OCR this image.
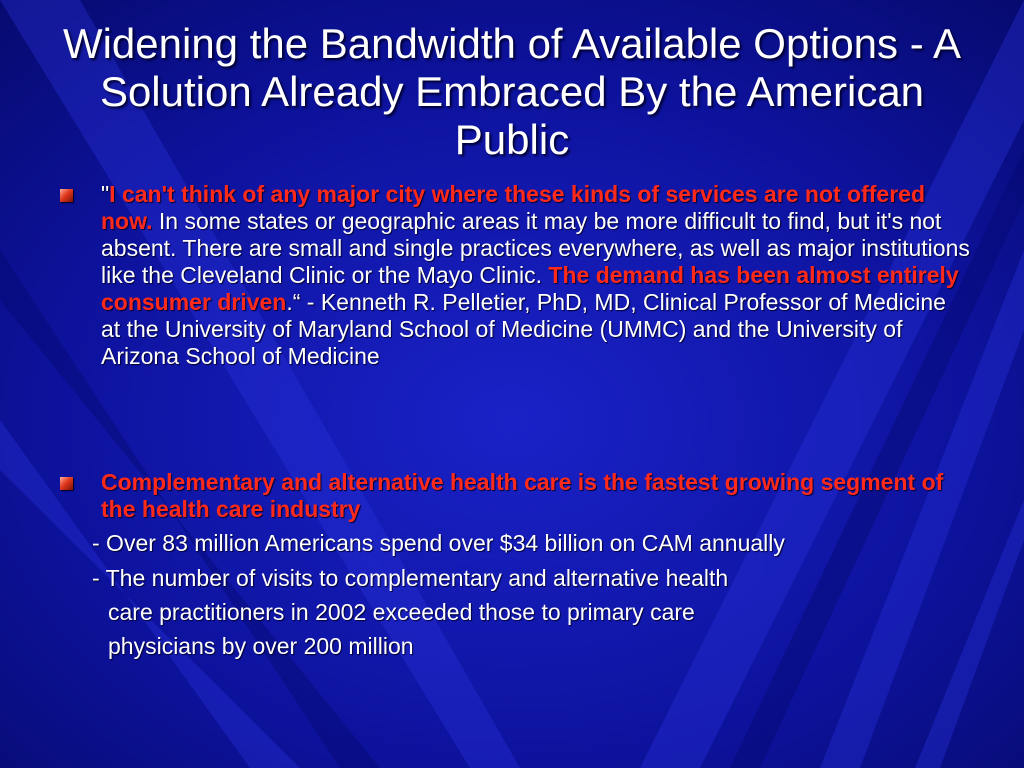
Widening the Bandwidth of Available Options - A Solution Already Embraced By the American Public
"I can't think of any major city where these kinds of services are not offered now. In some states or geographic areas it may be more difficult to find, but it's not absent. There are small and single practices everywhere, as well as major institutions like the Cleveland Clinic or the Mayo Clinic. The demand has been almost entirely consumer driven.“ - Kenneth R. Pelletier, PhD, MD, Clinical Professor of Medicine at the University of Maryland School of Medicine (UMMC) and the University of Arizona School of Medicine
Complementary and alternative health care is the fastest growing segment of the health care industry
- Over 83 million Americans spend over $34 billion on CAM annually
- The number of visits to complementary and alternative health
care practitioners in 2002 exceeded those to primary care
physicians by over 200 million
